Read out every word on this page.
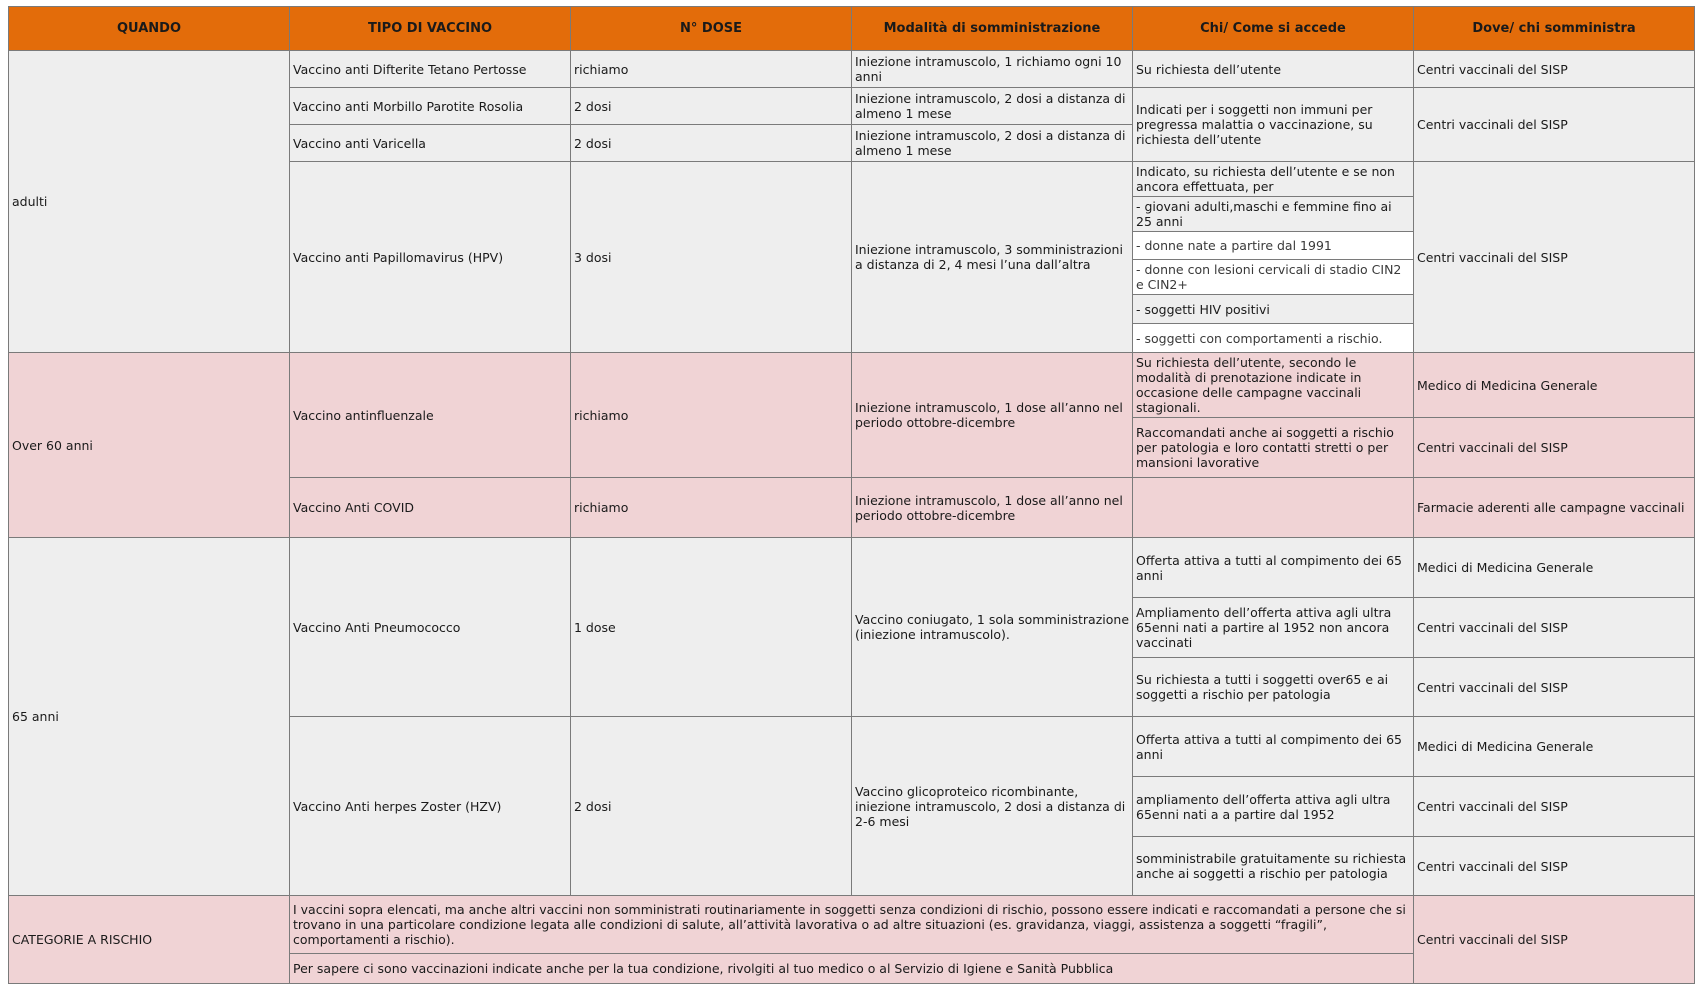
QUANDO	TIPO DI VACCINO	N° DOSE	Modalità di somministrazione	Chi/ Come si accede	Dove/ chi somministra
adulti	Vaccino anti Difterite Tetano Pertosse	richiamo	Iniezione intramuscolo, 1 richiamo ogni 10 anni	Su richiesta dell’utente	Centri vaccinali del SISP
	Vaccino anti Morbillo Parotite Rosolia	2 dosi	Iniezione intramuscolo, 2 dosi a distanza di almeno 1 mese	Indicati per i soggetti non immuni per pregressa malattia o vaccinazione, su richiesta dell’utente	Centri vaccinali del SISP
	Vaccino anti Varicella	2 dosi	Iniezione intramuscolo, 2 dosi a distanza di almeno 1 mese		
	Vaccino anti Papillomavirus (HPV)	3 dosi	Iniezione intramuscolo, 3 somministrazioni a distanza di 2, 4 mesi l’una dall’altra	Indicato, su richiesta dell’utente e se non ancora effettuata, per	Centri vaccinali del SISP
				- giovani adulti,maschi e femmine fino ai 25 anni	
				- donne nate a partire dal 1991	
				- donne con lesioni cervicali di stadio CIN2 e CIN2+	
				- soggetti HIV positivi	
				- soggetti con comportamenti a rischio.	
Over 60 anni	Vaccino antinfluenzale	richiamo	Iniezione intramuscolo, 1 dose all’anno nel periodo ottobre-dicembre	Su richiesta dell’utente, secondo le modalità di prenotazione indicate in occasione delle campagne vaccinali stagionali.	Medico di Medicina Generale
				Raccomandati anche ai soggetti a rischio per patologia e loro contatti stretti o per mansioni lavorative	Centri vaccinali del SISP
	Vaccino Anti COVID	richiamo	Iniezione intramuscolo, 1 dose all’anno nel periodo ottobre-dicembre		Farmacie aderenti alle campagne vaccinali
65 anni	Vaccino Anti Pneumococco	1 dose	Vaccino coniugato, 1 sola somministrazione (iniezione intramuscolo).	Offerta attiva a tutti al compimento dei 65 anni	Medici di Medicina Generale
				Ampliamento dell’offerta attiva agli ultra 65enni nati a partire al 1952 non ancora vaccinati	Centri vaccinali del SISP
				Su richiesta a tutti i soggetti over65 e ai soggetti a rischio per patologia	Centri vaccinali del SISP
	Vaccino Anti herpes Zoster (HZV)	2 dosi	Vaccino glicoproteico ricombinante, iniezione intramuscolo, 2 dosi a distanza di 2-6 mesi	Offerta attiva a tutti al compimento dei 65 anni	Medici di Medicina Generale
				ampliamento dell’offerta attiva agli ultra 65enni nati a a partire dal 1952	Centri vaccinali del SISP
				somministrabile gratuitamente su richiesta anche ai soggetti a rischio per patologia	Centri vaccinali del SISP
CATEGORIE A RISCHIO	I vaccini sopra elencati, ma anche altri vaccini non somministrati routinariamente in soggetti senza condizioni di rischio, possono essere indicati e raccomandati a persone che si trovano in una particolare condizione legata alle condizioni di salute, all’attività lavorativa o ad altre situazioni (es. gravidanza, viaggi, assistenza a soggetti “fragili”, comportamenti a rischio).				Centri vaccinali del SISP
	Per sapere ci sono vaccinazioni indicate anche per la tua condizione, rivolgiti al tuo medico o al Servizio di Igiene e Sanità Pubblica				
